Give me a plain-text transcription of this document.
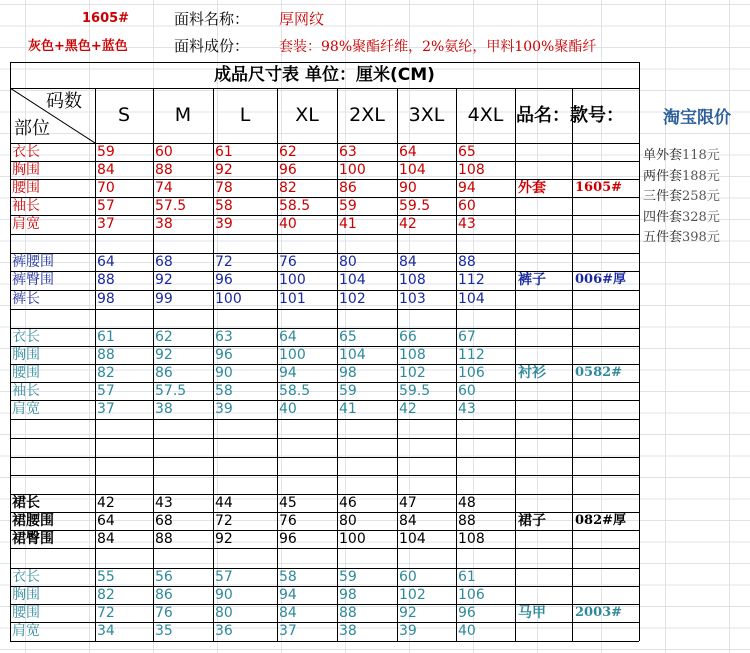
1605#	面料名称：	厚网纹
灰色+黑色+蓝色	面料成份：	套装：98%聚酯纤维，2%氨纶，甲料100%聚酯纤
成品尺寸表 单位：厘米(CM)
码数
部位
S	M	L	XL	2XL	3XL	4XL 品名：款号：	淘宝限价
单外套118元
两件套188元
三件套258元
四件套328元
五件套398元
衣长	59	60	61	62	63	64	65
胸围	84	88	92	96	100	104	108
腰围	70	74	78	82	86	90	94	外套	1605#
袖长	57	57.5	58	58.5	59	59.5	60
肩宽	37	38	39	40	41	42	43
裤腰围	64	68	72	76	80	84	88
裤臀围	88	92	96	100	104	108	112	裤子	006#厚
裤长	98	99	100	101	102	103	104
衣长	61	62	63	64	65	66	67
胸围	88	92	96	100	104	108	112
腰围	82	86	90	94	98	102	106	衬衫	0582#
袖长	57	57.5	58	58.5	59	59.5	60
肩宽	37	38	39	40	41	42	43
裙长	42	43	44	45	46	47	48
裙腰围	64	68	72	76	80	84	88	裙子	082#厚
裙臀围	84	88	92	96	100	104	108
衣长	55	56	57	58	59	60	61
胸围	82	86	90	94	98	102	106
腰围	72	76	80	84	88	92	96	马甲	2003#
肩宽	34	35	36	37	38	39	40
